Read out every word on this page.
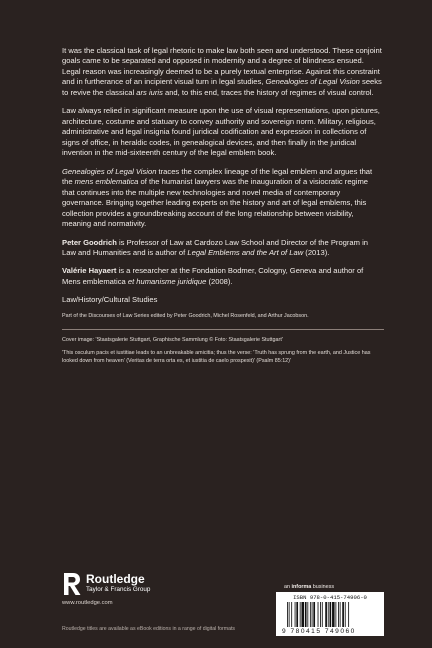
It was the classical task of legal rhetoric to make law both seen and understood. These conjoint goals came to be separated and opposed in modernity and a degree of blindness ensued. Legal reason was increasingly deemed to be a purely textual enterprise. Against this constraint and in furtherance of an incipient visual turn in legal studies, Genealogies of Legal Vision seeks to revive the classical ars iuris and, to this end, traces the history of regimes of visual control.

Law always relied in significant measure upon the use of visual representations, upon pictures, architecture, costume and statuary to convey authority and sovereign norm. Military, religious, administrative and legal insignia found juridical codification and expression in collections of signs of office, in heraldic codes, in genealogical devices, and then finally in the juridical invention in the mid-sixteenth century of the legal emblem book.

Genealogies of Legal Vision traces the complex lineage of the legal emblem and argues that the mens emblematica of the humanist lawyers was the inauguration of a visiocratic regime that continues into the multiple new technologies and novel media of contemporary governance. Bringing together leading experts on the history and art of legal emblems, this collection provides a groundbreaking account of the long relationship between visibility, meaning and normativity.

Peter Goodrich is Professor of Law at Cardozo Law School and Director of the Program in Law and Humanities and is author of Legal Emblems and the Art of Law (2013).

Valérie Hayaert is a researcher at the Fondation Bodmer, Cologny, Geneva and author of Mens emblematica et humanisme juridique (2008).

Law/History/Cultural Studies

Part of the Discourses of Law Series edited by Peter Goodrich, Michel Rosenfeld, and Arthur Jacobson.

Cover image: 'Staatsgalerie Stuttgart, Graphische Sammlung © Foto: Staatsgalerie Stuttgart'

'This osculum pacis et iustitiae leads to an unbreakable amicitia; thus the verse: 'Truth has sprung from the earth, and Justice has looked down from heaven' (Veritas de terra orta es, et iustitia de caelo prospexit)' (Psalm 85:12)'

Routledge
Taylor & Francis Group
www.routledge.com
Routledge titles are available as eBook editions in a range of digital formats
an informa business
ISBN 978-0-415-74906-0
9 780415 749060
